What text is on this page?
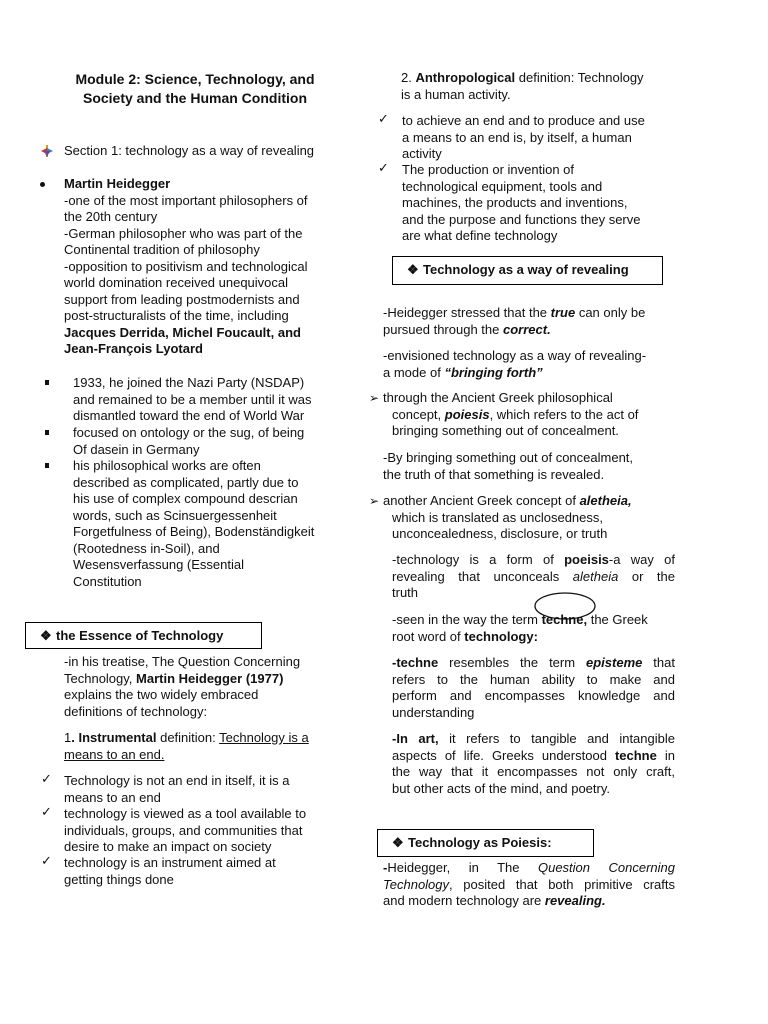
Module 2: Science, Technology, and
Society and the Human Condition
Section 1: technology as a way of revealing
Martin Heidegger
-one of the most important philosophers of
the 20th century
-German philosopher who was part of the
Continental tradition of philosophy
-opposition to positivism and technological
world domination received unequivocal
support from leading postmodernists and
post-structuralists of the time, including
Jacques Derrida, Michel Foucault, and
Jean-François Lyotard
1933, he joined the Nazi Party (NSDAP)
and remained to be a member until it was
dismantled toward the end of World War
focused on ontology or the sug, of being
Of dasein in Germany
his philosophical works are often
described as complicated, partly due to
his use of complex compound descrian
words, such as Scinsuergessenheit
Forgetfulness of Being), Bodenständigkeit
(Rootedness in-Soil), and
Wesensverfassung (Essential
Constitution
❖ the Essence of Technology
-in his treatise, The Question Concerning
Technology, Martin Heidegger (1977)
explains the two widely embraced
definitions of technology:
1. Instrumental definition: Technology is a
means to an end.
✓ Technology is not an end in itself, it is a
means to an end
✓ technology is viewed as a tool available to
individuals, groups, and communities that
desire to make an impact on society
✓ technology is an instrument aimed at
getting things done
2. Anthropological definition: Technology
is a human activity.
✓ to achieve an end and to produce and use
a means to an end is, by itself, a human
activity
✓ The production or invention of
technological equipment, tools and
machines, the products and inventions,
and the purpose and functions they serve
are what define technology
❖ Technology as a way of revealing
-Heidegger stressed that the true can only be
pursued through the correct.
-envisioned technology as a way of revealing-
a mode of “bringing forth”
➢ through the Ancient Greek philosophical
concept, poiesis, which refers to the act of
bringing something out of concealment.
-By bringing something out of concealment,
the truth of that something is revealed.
➢ another Ancient Greek concept of aletheia,
which is translated as unclosedness,
unconcealedness, disclosure, or truth
-technology is a form of poeisis-a way of
revealing that unconceals aletheia or the
truth
-seen in the way the term techne, the Greek
root word of technology:
-techne resembles the term episteme that
refers to the human ability to make and
perform and encompasses knowledge and
understanding
-In art, it refers to tangible and intangible
aspects of life. Greeks understood techne in
the way that it encompasses not only craft,
but other acts of the mind, and poetry.
❖ Technology as Poiesis:
-Heidegger, in The Question Concerning
Technology, posited that both primitive crafts
and modern technology are revealing.
